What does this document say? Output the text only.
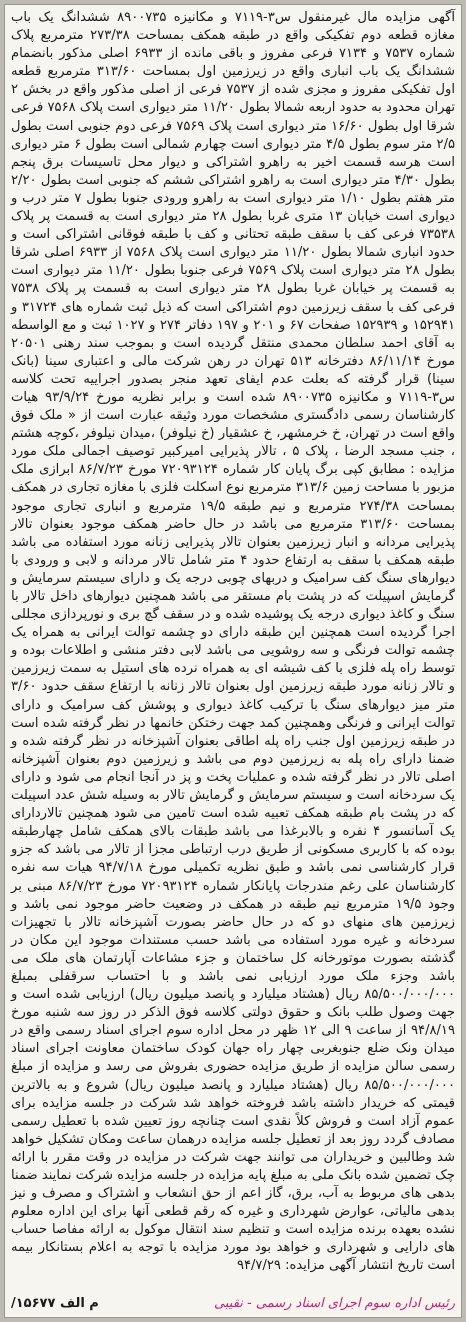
آگهی مزایده مال غیرمنقول س۳-۷۱۱۹ و مکانیزه ۸۹۰۰۷۳۵ ششدانگ یک باب مغازه قطعه دوم تفکیکی واقع در طبقه همکف بمساحت ۲۷۳/۳۸ مترمربع پلاک شماره ۷۵۳۷ و ۷۱۳۴ فرعی مفروز و باقی مانده از ۶۹۳۳ اصلی مذکور بانضمام ششدانگ یک باب انباری واقع در زیرزمین اول بمساحت ۳۱۳/۶۰ مترمربع قطعه اول تفکیکی مفروز و مجزی شده از ۷۵۳۷ فرعی از اصلی مذکور واقع در بخش ۲ تهران محدود به حدود اربعه شمالا بطول ۱۱/۲۰ متر دیواری است پلاک ۷۵۶۸ فرعی شرقا اول بطول ۱۶/۶۰ متر دیواری است پلاک ۷۵۶۹ فرعی دوم جنوبی است بطول ۲/۵ متر سوم بطول ۴/۵ متر دیواری است چهارم شمالی است بطول ۶ متر دیواری است هرسه قسمت اخیر به راهرو اشتراکی و دیوار محل تاسیسات برق پنجم بطول ۴/۳۰ متر دیواری است به راهرو اشتراکی ششم که جنوبی است بطول ۲/۲۰ متر هفتم بطول ۱/۱۰ متر دیواری است به راهرو ورودی جنوبا بطول ۷ متر درب و دیواری است خیابان ۱۳ متری غربا بطول ۲۸ متر دیواری است به قسمت پر پلاک ۷۳۵۳۸ فرعی کف با سقف طبقه تحتانی و کف با طبقه فوقانی اشتراکی است و حدود انباری شمالا بطول ۱۱/۲۰ متر دیواری است پلاک ۷۵۶۸ از ۶۹۳۳ اصلی شرقا بطول ۲۸ متر دیواری است پلاک ۷۵۶۹ فرعی جنوبا بطول ۱۱/۲۰ متر دیواری است به قسمت پر خیابان غربا بطول ۲۸ متر دیواری است به قسمت پر پلاک ۷۵۳۸ فرعی کف با سقف زیرزمین دوم اشتراکی است که ذیل ثبت شماره های ۳۱۷۲۴ و ۱۵۲۹۴۱ و ۱۵۲۹۳۹ صفحات ۶۷ و ۲۰۱ و ۱۹۷ دفاتر ۲۷۴ و ۱۰۲۷ ثبت و مع الواسطه به آقای احمد سلطان محمدی منتقل گردیده است و بموجب سند رهنی ۲۰۵۰۱ مورخ ۸۶/۱۱/۱۴ دفترخانه ۵۱۳ تهران در رهن شرکت مالی و اعتباری سینا (بانک سینا) قرار گرفته که بعلت عدم ایفای تعهد منجر بصدور اجراییه تحت کلاسه س۳-۷۱۱۹ و مکانیزه ۸۹۰۰۷۳۵ شده است و برابر نظریه مورخ ۹۳/۹/۲۴ هیات کارشناسان رسمی دادگستری مشخصات مورد وثیقه عبارت است از « ملک فوق واقع است در تهران، خ خرمشهر، خ عشقیار (خ نیلوفر) ،میدان نیلوفر ،کوچه هشتم ، جنب مسجد الرضا ، پلاک ۵ ، تالار پذیرایی امیرکبیر توصیف اجمالی ملک مورد مزایده : مطابق کپی برگ پایان کار شماره ۷۲۰۹۳۱۲۴ مورخ ۸۶/۷/۲۳ ابرازی ملک مزبور با مساحت زمین ۳۱۳/۶ مترمربع نوع اسکلت فلزی با مغازه تجاری در همکف بمساحت ۲۷۴/۳۸ مترمربع و نیم طبقه ۱۹/۵ مترمربع و انباری تجاری موجود بمساحت ۳۱۳/۶۰ مترمربع می باشد در حال حاضر همکف موجود بعنوان تالار پذیرایی مردانه و انبار زیرزمین بعنوان تالار پذیرایی زنانه مورد استفاده می باشد طبقه همکف با سقف به ارتفاع حدود ۴ متر شامل تالار مردانه و لابی و ورودی با دیوارهای سنگ کف سرامیک و دربهای چوبی درجه یک و دارای سیستم سرمایش و گرمایش اسپیلت که در پشت بام مستقر می باشد همچنین دیوارهای داخل تالار با سنگ و کاغذ دیواری درجه یک پوشیده شده و در سقف گچ بری و نورپردازی مجللی اجرا گردیده است همچنین این طبقه دارای دو چشمه توالت ایرانی به همراه یک چشمه توالت فرنگی و سه روشویی می باشد لابی دفتر منشی و اطلاعات بوده و توسط راه پله فلزی با کف شیشه ای به همراه نرده های استیل به سمت زیرزمین و تالار زنانه مورد طبقه زیرزمین اول بعنوان تالار زنانه با ارتفاع سقف حدود ۳/۶۰ متر میز دیوارهای سنگ با ترکیب کاغذ دیواری و پوشش کف سرامیک و دارای توالت ایرانی و فرنگی وهمچنین کمد جهت رختکن خانمها در نظر گرفته شده است در طبقه زیرزمین اول جنب راه پله اطاقی بعنوان آشپزخانه در نظر گرفته شده و ضمنا دارای راه پله به زیرزمین دوم می باشد و زیرزمین دوم بعنوان آشپزخانه اصلی تالار در نظر گرفته شده و عملیات پخت و پز در آنجا انجام می شود و دارای یک سردخانه است و سیستم سرمایش و گرمایش تالار به وسیله شش عدد اسپیلت که در پشت بام طبقه همکف تعبیه شده است تامین می شود همچنین تالاردارای یک آسانسور ۴ نفره و بالابرغذا می باشد طبقات بالای همکف شامل چهارطبقه بوده که با کاربری مسکونی از طریق درب ارتباطی مجزا از تالار می باشد که جزو قرار کارشناسی نمی باشد و طبق نظریه تکمیلی مورخ ۹۴/۷/۱۸ هیات سه نفره کارشناسان علی رغم مندرجات پایانکار شماره ۷۲۰۹۳۱۲۴ مورخ ۸۶/۷/۲۳ مبنی بر وجود ۱۹/۵ مترمربع نیم طبقه در همکف در وضعیت حاضر موجود نمی باشد و زیرزمین های منهای دو که در حال حاضر بصورت آشپزخانه تالار با تجهیزات سردخانه و غیره مورد استفاده می باشد حسب مستندات موجود این مکان در گذشته بصورت موتورخانه کل ساختمان و جزء مشاعات آپارتمان های ملک می باشد وجزء ملک مورد ارزیابی نمی باشد و با احتساب سرقفلی بمبلغ ۸۵/۵۰۰/۰۰۰/۰۰۰ ریال (هشتاد میلیارد و پانصد میلیون ریال) ارزیابی شده است و جهت وصول طلب بانک و حقوق دولتی کلاسه فوق الذکر در روز سه شنبه مورخ ۹۴/۸/۱۹ از ساعت ۹ الی ۱۲ ظهر در محل اداره سوم اجرای اسناد رسمی واقع در میدان ونک ضلع جنوبغربی چهار راه جهان کودک ساختمان معاونت اجرای اسناد رسمی سالن مزایده از طریق مزایده حضوری بفروش می رسد و مزایده از مبلغ ۸۵/۵۰۰/۰۰۰/۰۰۰ ریال (هشتاد میلیارد و پانصد میلیون ریال) شروع و به بالاترین قیمتی که خریدار داشته باشد فروخته خواهد شد شرکت در جلسه مزایده برای عموم آزاد است و فروش کلاً نقدی است چنانچه روز تعیین شده با تعطیل رسمی مصادف گردد روز بعد از تعطیل جلسه مزایده درهمان ساعت ومکان تشکیل خواهد شد وطالبین و خریداران می توانند جهت شرکت در مزایده در وقت مقرر با ارائه چک تضمین شده بانک ملی به مبلغ پایه مزایده در جلسه مزایده شرکت نمایند ضمنا بدهی های مربوط به آب، برق، گاز اعم از حق انشعاب و اشتراک و مصرف و نیز بدهی مالیاتی، عوارض شهرداری و غیره که رقم قطعی آنها برای این اداره معلوم نشده بعهده برنده مزایده است و تنظیم سند انتقال موکول به ارائه مفاصا حساب های دارایی و شهرداری و خواهد بود مورد مزایده با توجه به اعلام بستانکار بیمه است تاریخ انتشار آگهی مزایده: ۹۴/۷/۲۹
رئیس اداره سوم اجرای اسناد رسمی - نقیبی
م الف ۱۵۶۷۷/
